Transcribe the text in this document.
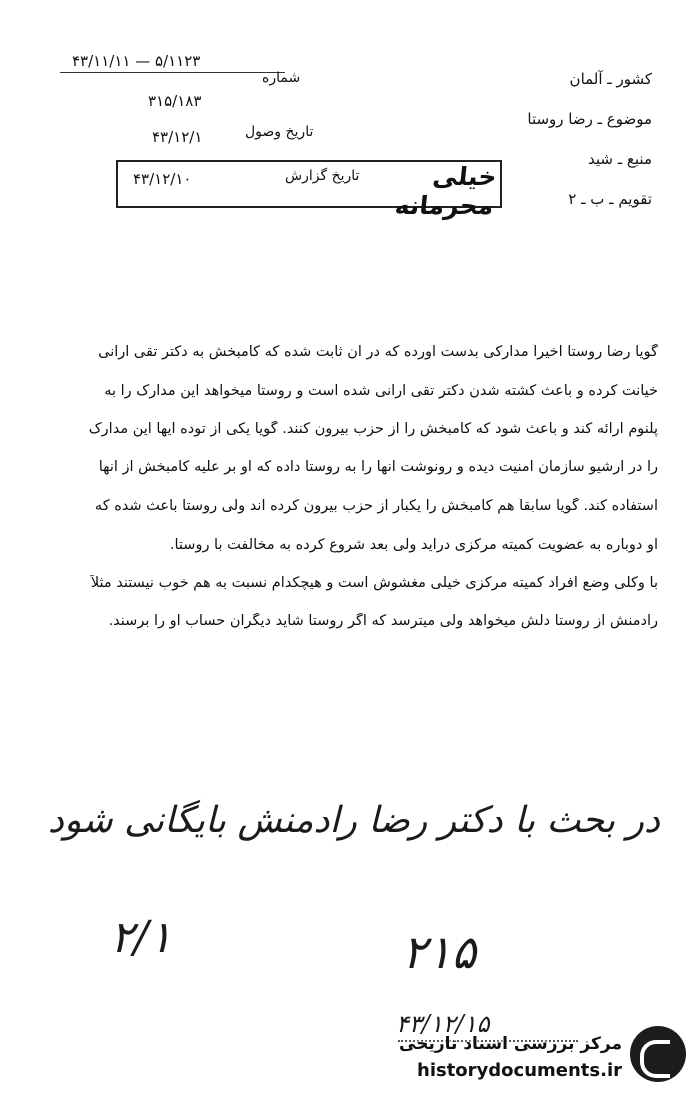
۴۳/۱۱/۱۱ — ۵/۱۱۲۳
شماره
۳۱۵/۱۸۳
تاریخ وصول
۴۳/۱۲/۱
خیلی محرمانه
تاریخ گزارش
۴۳/۱۲/۱۰
کشور ـ آلمان
موضوع ـ رضا روستا
منبع ـ شید
تقویم ـ ب ـ ۲
گویا رضا روستا اخیراً مدارکی بدست آورده که در آن ثابت شده که کامبخش به دکتر تقی ارانی
خیانت کرده و باعث کشته شدن دکتر تقی ارانی شده است و روستا میخواهد این مدارک را به
پلنوم ارائه کند و باعث شود که کامبخش را از حزب بیرون کنند. گویا یکی از توده ایها این مدارک
را در آرشیو سازمان امنیت دیده و رونوشت آنها را به روستا داده که او بر علیه کامبخش از آنها
استفاده کند. گویا سابقاً هم کامبخش را یکبار از حزب بیرون کرده اند ولی روستا باعث شده که
او دوباره به عضویت کمیته مرکزی درآید ولی بعد شروع کرده به مخالفت با روستا.
با وکلی وضع افراد کمیته مرکزی خیلی مغشوش است و هیچکدام نسبت به هم خوب نیستند مثلاً
رادمنش از روستا دلش میخواهد ولی میترسد که اگر روستا شاید دیگران حساب او را برسند.
در بحث با دکتر رضا رادمنش بایگانی شود
۲/۱	۲۱۵
۴۳/۱۲/۱۵
مرکز بررسی اسناد تاریخی
historydocuments.ir
